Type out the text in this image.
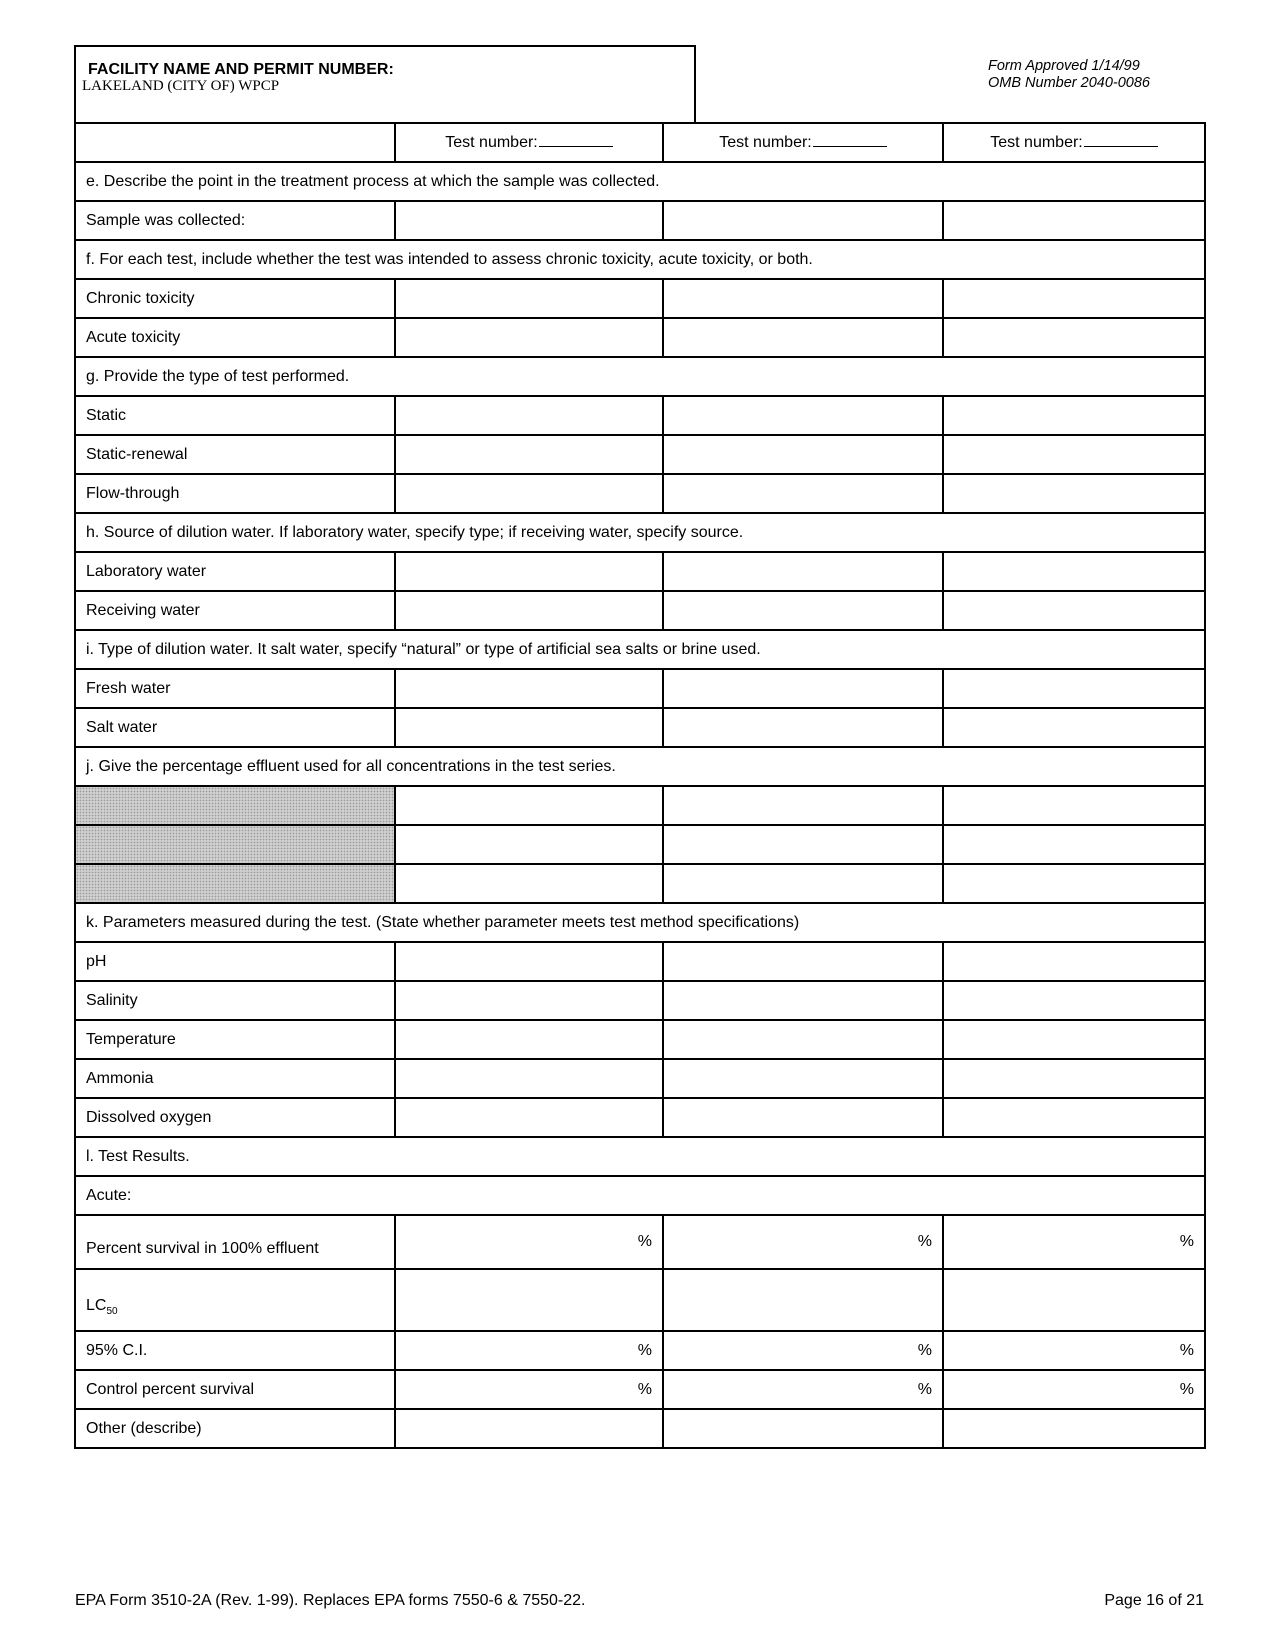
FACILITY NAME AND PERMIT NUMBER:
LAKELAND (CITY OF) WPCP
Form Approved 1/14/99
OMB Number 2040-0086
	Test number:	Test number:	Test number:
e. Describe the point in the treatment process at which the sample was collected.			
Sample was collected:			
f. For each test, include whether the test was intended to assess chronic toxicity, acute toxicity, or both.			
Chronic toxicity			
Acute toxicity			
g. Provide the type of test performed.			
Static			
Static-renewal			
Flow-through			
h. Source of dilution water. If laboratory water, specify type; if receiving water, specify source.			
Laboratory water			
Receiving water			
i. Type of dilution water. It salt water, specify “natural” or type of artificial sea salts or brine used.			
Fresh water			
Salt water			
j. Give the percentage effluent used for all concentrations in the test series.			

k. Parameters measured during the test. (State whether parameter meets test method specifications)			
pH			
Salinity			
Temperature			
Ammonia			
Dissolved oxygen			
l. Test Results.			
Acute:			
Percent survival in 100% effluent	%	%	%
$LC_{50}$			
95% C.I.	%	%	%
Control percent survival	%	%	%
Other (describe)			
EPA Form 3510-2A (Rev. 1-99). Replaces EPA forms 7550-6 & 7550-22.	Page 16 of 21
